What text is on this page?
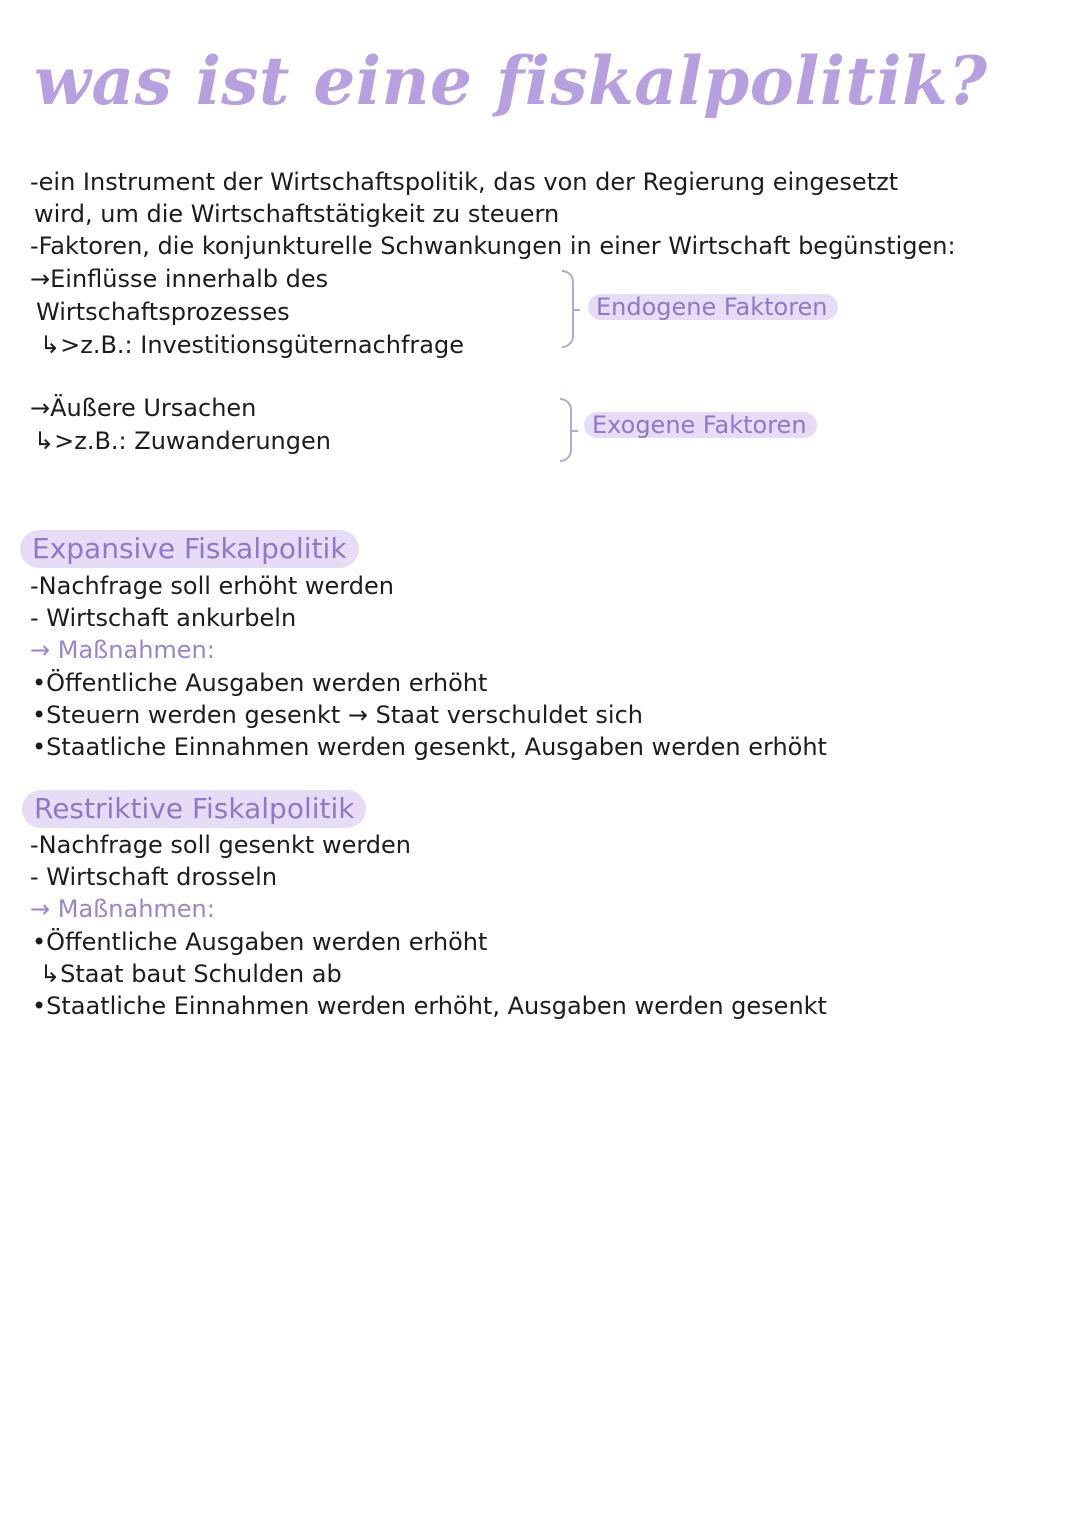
was ist eine fiskalpolitik?
-ein Instrument der Wirtschaftspolitik, das von der Regierung eingesetzt
wird, um die Wirtschaftstätigkeit zu steuern
-Faktoren, die konjunkturelle Schwankungen in einer Wirtschaft begünstigen:
→Einflüsse innerhalb des
Wirtschaftsprozesses
↳>z.B.: Investitionsgüternachfrage
Endogene Faktoren
→Äußere Ursachen
↳>z.B.: Zuwanderungen
Exogene Faktoren
Expansive Fiskalpolitik
-Nachfrage soll erhöht werden
- Wirtschaft ankurbeln
→ Maßnahmen:
•Öffentliche Ausgaben werden erhöht
•Steuern werden gesenkt → Staat verschuldet sich
•Staatliche Einnahmen werden gesenkt, Ausgaben werden erhöht
Restriktive Fiskalpolitik
-Nachfrage soll gesenkt werden
- Wirtschaft drosseln
→ Maßnahmen:
•Öffentliche Ausgaben werden erhöht
↳Staat baut Schulden ab
•Staatliche Einnahmen werden erhöht, Ausgaben werden gesenkt
